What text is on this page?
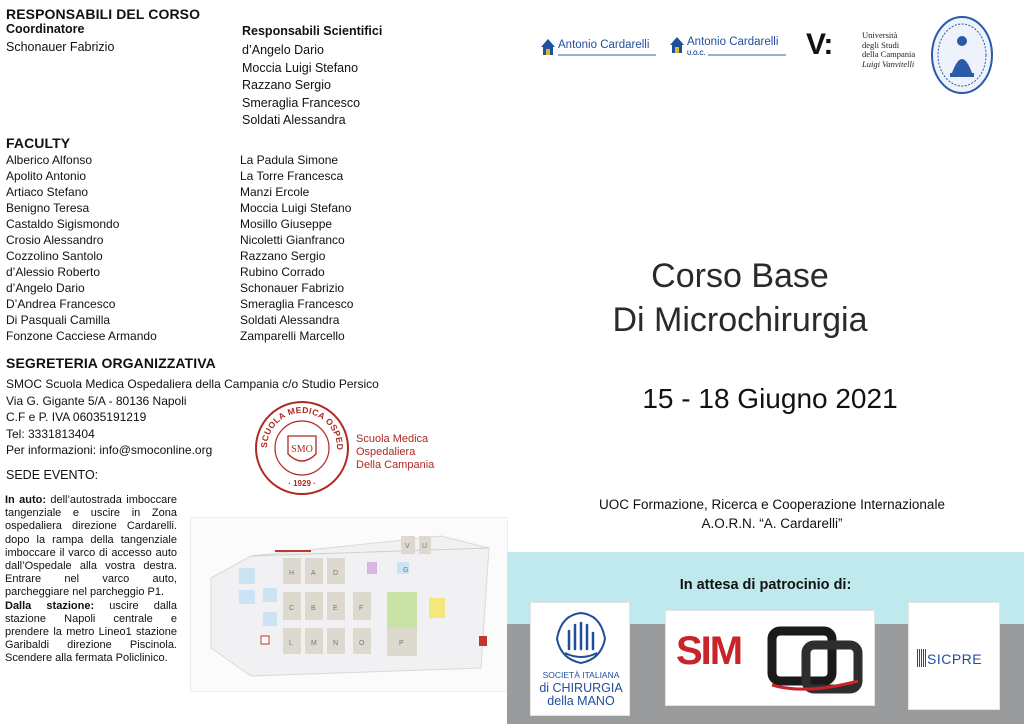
RESPONSABILI DEL CORSO
Coordinatore
Schonauer Fabrizio
Responsabili Scientifici
d’Angelo Dario
Moccia Luigi Stefano
Razzano Sergio
Smeraglia Francesco
Soldati Alessandra
FACULTY
Alberico Alfonso
Apolito Antonio
Artiaco Stefano
Benigno Teresa
Castaldo Sigismondo
Crosio Alessandro
Cozzolino Santolo
d’Alessio Roberto
d’Angelo Dario
D’Andrea Francesco
Di Pasquali Camilla
Fonzone Cacciese Armando
La Padula Simone
La Torre Francesca
Manzi Ercole
Moccia Luigi Stefano
Mosillo Giuseppe
Nicoletti Gianfranco
Razzano Sergio
Rubino Corrado
Schonauer Fabrizio
Smeraglia Francesco
Soldati Alessandra
Zamparelli Marcello
SEGRETERIA ORGANIZZATIVA
SMOC Scuola Medica Ospedaliera della Campania c/o Studio Persico
Via G. Gigante 5/A - 80136 Napoli
C.F e P. IVA 06035191219
Tel: 3331813404
Per informazioni: info@smoconline.org	SCUOLA MEDICA OSPED
SMO
· 1929 ·
Scuola Medica
Ospedaliera
Della Campania
SEDE EVENTO:
In auto: dell’autostrada imboccare tangenziale e uscire in Zona ospedaliera direzione Cardarelli. dopo la rampa della tangenziale imboccare il varco di accesso auto dall’Ospedale alla vostra destra. Entrare nel varco auto, parcheggiare nel parcheggio P1.
Dalla stazione: uscire dalla stazione Napoli centrale e prendere la metro Lineo1 stazione Garibaldi direzione Piscinola. Scendere alla fermata Policlinico.
H A D
C B E	F
L	M N	O	P
V U
G
Antonio Cardarelli	Antonio Cardarelli
U.O.C.	V:	Università
degli Studi
della Campania
Luigi Vanvitelli
Corso Base
Di Microchirurgia
15 - 18 Giugno 2021
UOC Formazione, Ricerca e Cooperazione Internazionale
A.O.R.N. “A. Cardarelli”
In attesa di patrocinio di:
SOCIETÀ ITALIANA
di CHIRURGIA
della MANO
SIM	SICPRE
